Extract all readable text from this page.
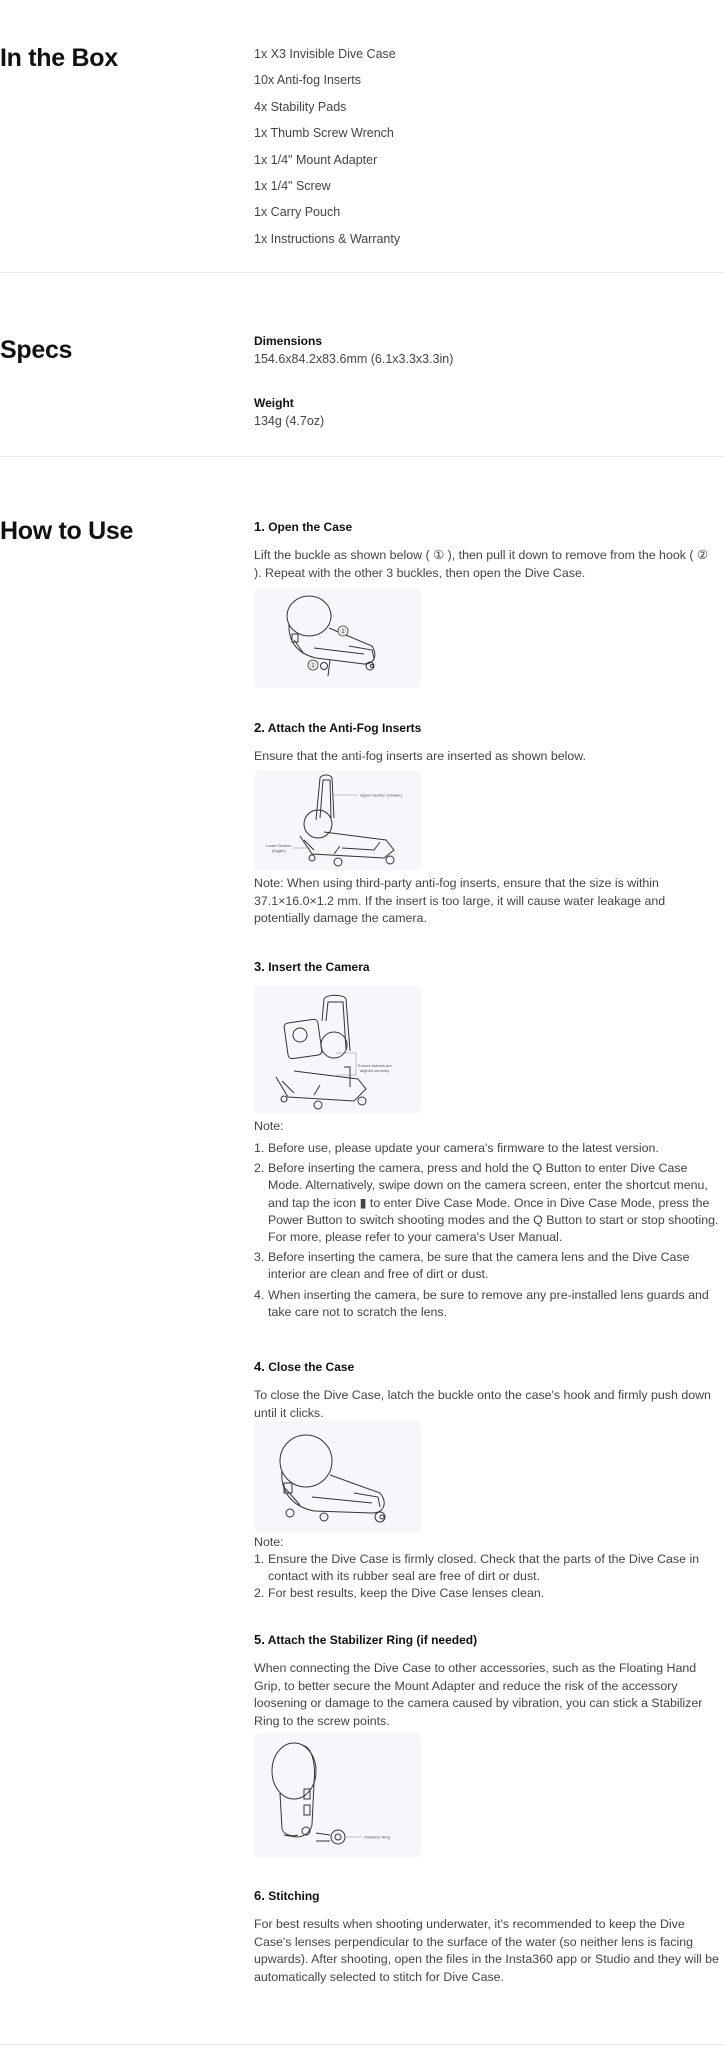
In the Box	1x X3 Invisible Dive Case
10x Anti-fog Inserts
4x Stability Pads
1x Thumb Screw Wrench
1x 1/4" Mount Adapter
1x 1/4" Screw
1x Carry Pouch
1x Instructions & Warranty
Specs	Dimensions
154.6x84.2x83.6mm (6.1x3.3x3.3in)
Weight
134g (4.7oz)
How to Use	1. Open the Case
Lift the buckle as shown below ( ① ), then pull it down to remove from the hook ( ② ). Repeat with the other 3 buckles, then open the Dive Case.
②
①
2. Attach the Anti-Fog Inserts
Ensure that the anti-fog inserts are inserted as shown below.
Upper Section (smaller)
Lower Section
(bigger)
Note: When using third-party anti-fog inserts, ensure that the size is within 37.1×16.0×1.2 mm. If the insert is too large, it will cause water leakage and potentially damage the camera.
3. Insert the Camera
Ensure buttons are
aligned correctly
Note:
1. Before use, please update your camera's firmware to the latest version.
2. Before inserting the camera, press and hold the Q Button to enter Dive Case Mode. Alternatively, swipe down on the camera screen, enter the shortcut menu, and tap the icon ▮ to enter Dive Case Mode. Once in Dive Case Mode, press the Power Button to switch shooting modes and the Q Button to start or stop shooting. For more, please refer to your camera's User Manual.
3. Before inserting the camera, be sure that the camera lens and the Dive Case interior are clean and free of dirt or dust.
4. When inserting the camera, be sure to remove any pre-installed lens guards and take care not to scratch the lens.
4. Close the Case
To close the Dive Case, latch the buckle onto the case's hook and firmly push down until it clicks.
Note:
1. Ensure the Dive Case is firmly closed. Check that the parts of the Dive Case in contact with its rubber seal are free of dirt or dust.
2. For best results, keep the Dive Case lenses clean.
5. Attach the Stabilizer Ring (if needed)
When connecting the Dive Case to other accessories, such as the Floating Hand Grip, to better secure the Mount Adapter and reduce the risk of the accessory loosening or damage to the camera caused by vibration, you can stick a Stabilizer Ring to the screw points.
Stabilizer Ring
6. Stitching
For best results when shooting underwater, it's recommended to keep the Dive Case's lenses perpendicular to the surface of the water (so neither lens is facing upwards). After shooting, open the files in the Insta360 app or Studio and they will be automatically selected to stitch for Dive Case.
